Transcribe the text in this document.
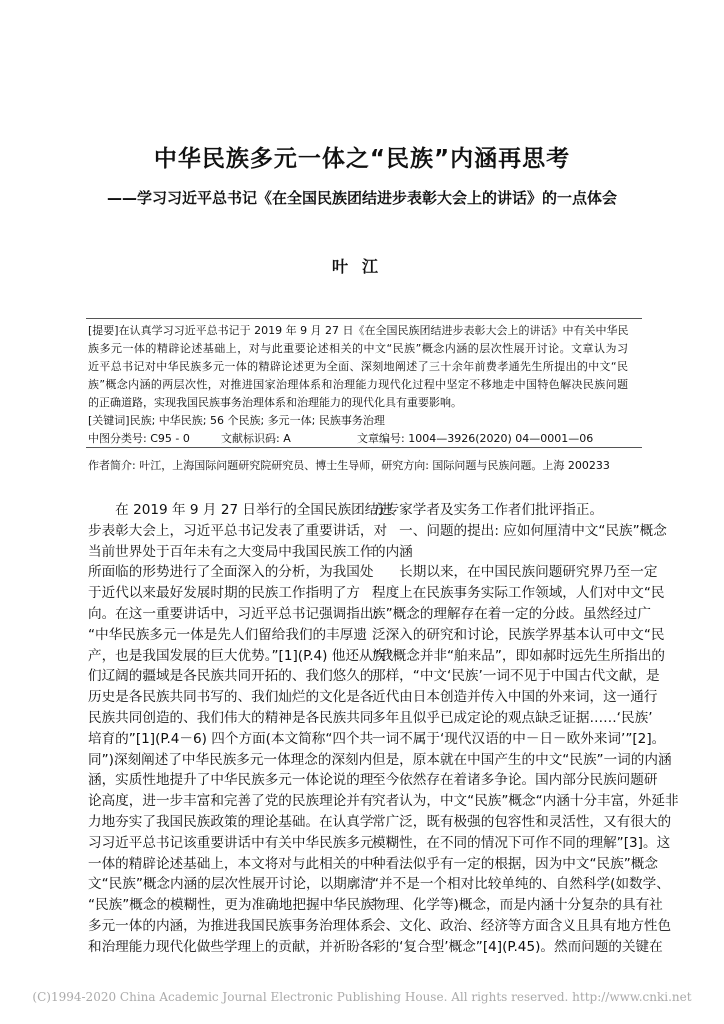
中华民族多元一体之“民族”内涵再思考
——学习习近平总书记《在全国民族团结进步表彰大会上的讲话》的一点体会
叶江
[提要]在认真学习习近平总书记于 2019 年 9 月 27 日《在全国民族团结进步表彰大会上的讲话》中有关中华民
族多元一体的精辟论述基础上，对与此重要论述相关的中文“民族”概念内涵的层次性展开讨论。文章认为习
近平总书记对中华民族多元一体的精辟论述更为全面、深刻地阐述了三十余年前费孝通先生所提出的中文“民
族”概念内涵的两层次性，对推进国家治理体系和治理能力现代化过程中坚定不移地走中国特色解决民族问题
的正确道路，实现我国民族事务治理体系和治理能力的现代化具有重要影响。
[关键词]民族; 中华民族; 56 个民族; 多元一体; 民族事务治理
中图分类号: C95 - 0	文献标识码: A	文章编号: 1004—3926(2020) 04—0001—06
作者简介: 叶江，上海国际问题研究院研究员、博士生导师，研究方向: 国际问题与民族问题。上海 200233
　　在 2019 年 9 月 27 日举行的全国民族团结进
步表彰大会上，习近平总书记发表了重要讲话，对
当前世界处于百年未有之大变局中我国民族工作
所面临的形势进行了全面深入的分析，为我国处
于近代以来最好发展时期的民族工作指明了方
向。在这一重要讲话中，习近平总书记强调指出:
“中华民族多元一体是先人们留给我们的丰厚遗
产，也是我国发展的巨大优势。”[1](P.4) 他还从“我
们辽阔的疆域是各民族共同开拓的、我们悠久的
历史是各民族共同书写的、我们灿烂的文化是各
民族共同创造的、我们伟大的精神是各民族共同
培育的”[1](P.4－6) 四个方面(本文简称“四个共
同”)深刻阐述了中华民族多元一体理念的深刻内
涵，实质性地提升了中华民族多元一体论说的理
论高度，进一步丰富和完善了党的民族理论并有
力地夯实了我国民族政策的理论基础。在认真学
习习近平总书记该重要讲话中有关中华民族多元
一体的精辟论述基础上，本文将对与此相关的中
文“民族”概念内涵的层次性展开讨论，以期廓清
“民族”概念的模糊性，更为准确地把握中华民族
多元一体的内涵，为推进我国民族事务治理体系
和治理能力现代化做些学理上的贡献，并祈盼各
方专家学者及实务工作者们批评指正。
　　一、问题的提出: 应如何厘清中文“民族”概念
的内涵
　　长期以来，在中国民族问题研究界乃至一定
程度上在民族事务实际工作领域，人们对中文“民
族”概念的理解存在着一定的分歧。虽然经过广
泛深入的研究和讨论，民族学界基本认可中文“民
族”概念并非“舶来品”，即如郝时远先生所指出的
那样，“中文‘民族’一词不见于中国古代文献，是
近代由日本创造并传入中国的外来词，这一通行
多年且似乎已成定论的观点缺乏证据……‘民族’
一词不属于‘现代汉语的中－日－欧外来词’”[2]。
但是，原本就在中国产生的中文“民族”一词的内涵
至今依然存在着诸多争论。国内部分民族问题研
究者认为，中文“民族”概念“内涵十分丰富，外延非
常广泛，既有极强的包容性和灵活性，又有很大的
模糊性，在不同的情况下可作不同的理解”[3]。这
种看法似乎有一定的根据，因为中文“民族”概念
“并不是一个相对比较单纯的、自然科学(如数学、
物理、化学等)概念，而是内涵十分复杂的具有社
会、文化、政治、经济等方面含义且具有地方性色
彩的‘复合型’概念”[4](P.45)。然而问题的关键在
(C)1994-2020 China Academic Journal Electronic Publishing House. All rights reserved. http://www.cnki.net
